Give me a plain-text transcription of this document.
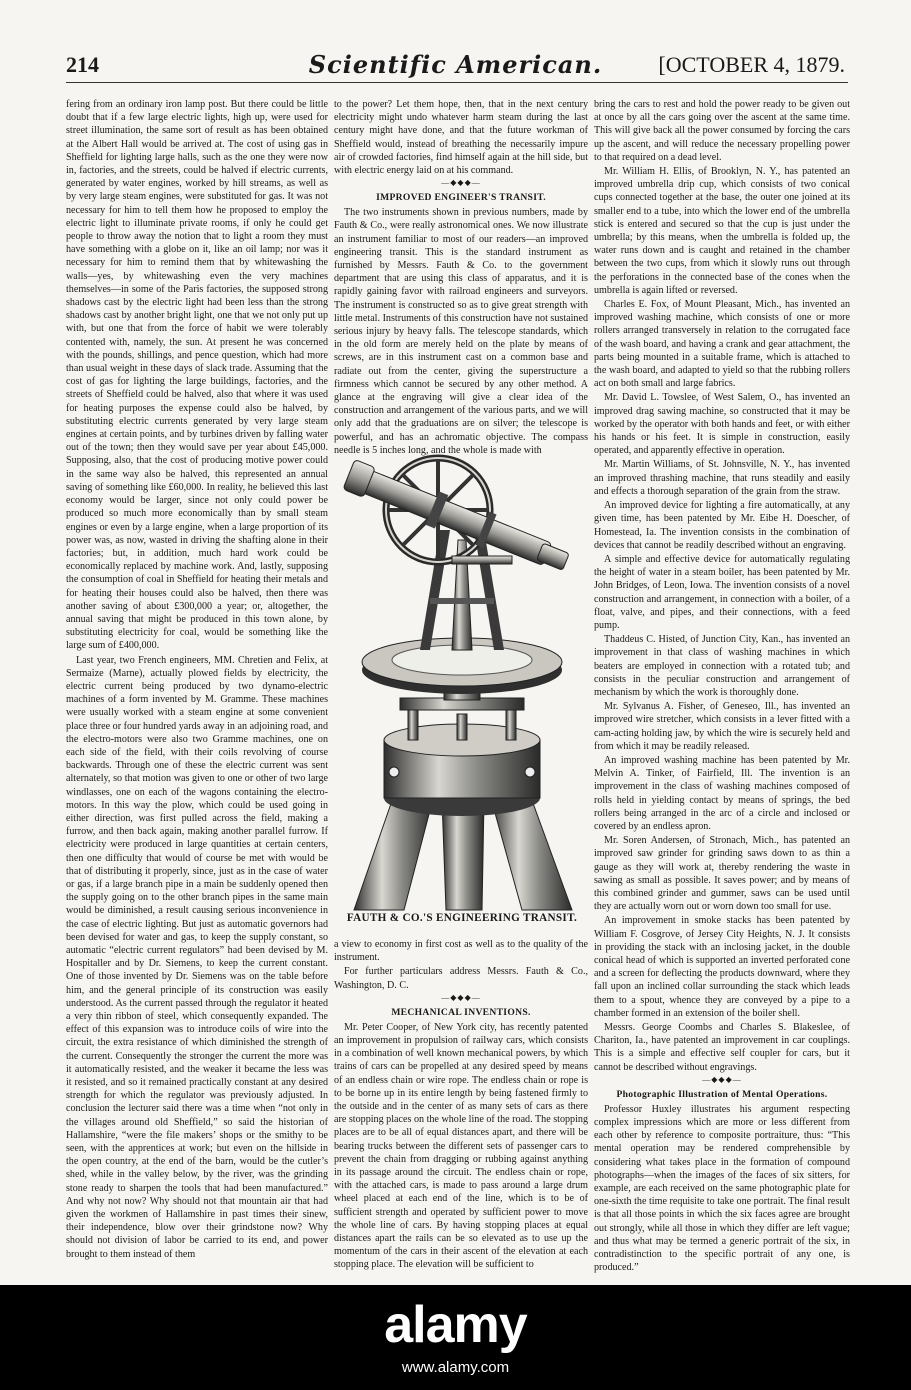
214	Scientific American.	[OCTOBER 4, 1879.

fering from an ordinary iron lamp post. But there could be little doubt that if a few large electric lights, high up, were used for street illumination, the same sort of result as has been obtained at the Albert Hall would be arrived at. The cost of using gas in Sheffield for lighting large halls, such as the one they were now in, factories, and the streets, could be halved if electric currents, generated by water engines, worked by hill streams, as well as by very large steam engines, were substituted for gas. It was not necessary for him to tell them how he proposed to employ the electric light to illuminate private rooms, if only he could get people to throw away the notion that to light a room they must have something with a globe on it, like an oil lamp; nor was it necessary for him to remind them that by whitewashing the walls—yes, by whitewashing even the very machines themselves—in some of the Paris factories, the supposed strong shadows cast by the electric light had been less than the strong shadows cast by another bright light, one that we not only put up with, but one that from the force of habit we were tolerably contented with, namely, the sun. At present he was concerned with the pounds, shillings, and pence question, which had more than usual weight in these days of slack trade. Assuming that the cost of gas for lighting the large buildings, factories, and the streets of Sheffield could be halved, also that where it was used for heating purposes the expense could also be halved, by substituting electric currents generated by very large steam engines at certain points, and by turbines driven by falling water out of the town; then they would save per year about £45,000. Supposing, also, that the cost of producing motive power could in the same way also be halved, this represented an annual saving of something like £60,000. In reality, he believed this last economy would be larger, since not only could power be produced so much more economically than by small steam engines or even by a large engine, when a large proportion of its power was, as now, wasted in driving the shafting alone in their factories; but, in addition, much hard work could be economically replaced by machine work. And, lastly, supposing the consumption of coal in Sheffield for heating their metals and for heating their houses could also be halved, then there was another saving of about £300,000 a year; or, altogether, the annual saving that might be produced in this town alone, by substituting electricity for coal, would be something like the large sum of £400,000.

Last year, two French engineers, MM. Chretien and Felix, at Sermaize (Marne), actually plowed fields by electricity, the electric current being produced by two dynamo-electric machines of a form invented by M. Gramme. These machines were usually worked with a steam engine at some convenient place three or four hundred yards away in an adjoining road, and the electro-motors were also two Gramme machines, one on each side of the field, with their coils revolving of course backwards. Through one of these the electric current was sent alternately, so that motion was given to one or other of two large windlasses, one on each of the wagons containing the electro-motors. In this way the plow, which could be used going in either direction, was first pulled across the field, making a furrow, and then back again, making another parallel furrow. If electricity were produced in large quantities at certain centers, then one difficulty that would of course be met with would be that of distributing it properly, since, just as in the case of water or gas, if a large branch pipe in a main be suddenly opened then the supply going on to the other branch pipes in the same main would be diminished, a result causing serious inconvenience in the case of electric lighting. But just as automatic governors had been devised for water and gas, to keep the supply constant, so automatic “electric current regulators” had been devised by M. Hospitaller and by Dr. Siemens, to keep the current constant. One of those invented by Dr. Siemens was on the table before him, and the general principle of its construction was easily understood. As the current passed through the regulator it heated a very thin ribbon of steel, which consequently expanded. The effect of this expansion was to introduce coils of wire into the circuit, the extra resistance of which diminished the strength of the current. Consequently the stronger the current the more was it automatically resisted, and the weaker it became the less was it resisted, and so it remained practically constant at any desired strength for which the regulator was previously adjusted. In conclusion the lecturer said there was a time when “not only in the villages around old Sheffield,” so said the historian of Hallamshire, “were the file makers’ shops or the smithy to be seen, with the apprentices at work; but even on the hillside in the open country, at the end of the barn, would be the cutler’s shed, while in the valley below, by the river, was the grinding stone ready to sharpen the tools that had been manufactured.” And why not now? Why should not that mountain air that had given the workmen of Hallamshire in past times their sinew, their independence, blow over their grindstone now? Why should not division of labor be carried to its end, and power brought to them instead of them

to the power? Let them hope, then, that in the next century electricity might undo whatever harm steam during the last century might have done, and that the future workman of Sheffield would, instead of breathing the necessarily impure air of crowded factories, find himself again at the hill side, but with electric energy laid on at his command.

—◆◆◆—
IMPROVED ENGINEER'S TRANSIT.

The two instruments shown in previous numbers, made by Fauth & Co., were really astronomical ones. We now illustrate an instrument familiar to most of our readers—an improved engineering transit. This is the standard instrument as furnished by Messrs. Fauth & Co. to the government department that are using this class of apparatus, and it is rapidly gaining favor with railroad engineers and surveyors. The instrument is constructed so as to give great strength with little metal. Instruments of this construction have not sustained serious injury by heavy falls. The telescope standards, which in the old form are merely held on the plate by means of screws, are in this instrument cast on a common base and radiate out from the center, giving the superstructure a firmness which cannot be secured by any other method. A glance at the engraving will give a clear idea of the construction and arrangement of the various parts, and we will only add that the graduations are on silver; the telescope is powerful, and has an achromatic objective. The compass needle is 5 inches long, and the whole is made with

FAUTH & CO.'S ENGINEERING TRANSIT.

a view to economy in first cost as well as to the quality of the instrument.

For further particulars address Messrs. Fauth & Co., Washington, D. C.

—◆◆◆—
MECHANICAL INVENTIONS.

Mr. Peter Cooper, of New York city, has recently patented an improvement in propulsion of railway cars, which consists in a combination of well known mechanical powers, by which trains of cars can be propelled at any desired speed by means of an endless chain or wire rope. The endless chain or rope is to be borne up in its entire length by being fastened firmly to the outside and in the center of as many sets of cars as there are stopping places on the whole line of the road. The stopping places are to be all of equal distances apart, and there will be bearing trucks between the different sets of passenger cars to prevent the chain from dragging or rubbing against anything in its passage around the circuit. The endless chain or rope, with the attached cars, is made to pass around a large drum wheel placed at each end of the line, which is to be of sufficient strength and operated by sufficient power to move the whole line of cars. By having stopping places at equal distances apart the rails can be so elevated as to use up the momentum of the cars in their ascent of the elevation at each stopping place. The elevation will be sufficient to

bring the cars to rest and hold the power ready to be given out at once by all the cars going over the ascent at the same time. This will give back all the power consumed by forcing the cars up the ascent, and will reduce the necessary propelling power to that required on a dead level.

Mr. William H. Ellis, of Brooklyn, N. Y., has patented an improved umbrella drip cup, which consists of two conical cups connected together at the base, the outer one joined at its smaller end to a tube, into which the lower end of the umbrella stick is entered and secured so that the cup is just under the umbrella; by this means, when the umbrella is folded up, the water runs down and is caught and retained in the chamber between the two cups, from which it slowly runs out through the perforations in the connected base of the cones when the umbrella is again lifted or reversed.

Charles E. Fox, of Mount Pleasant, Mich., has invented an improved washing machine, which consists of one or more rollers arranged transversely in relation to the corrugated face of the wash board, and having a crank and gear attachment, the parts being mounted in a suitable frame, which is attached to the wash board, and adapted to yield so that the rubbing rollers act on both small and large fabrics.

Mr. David L. Towslee, of West Salem, O., has invented an improved drag sawing machine, so constructed that it may be worked by the operator with both hands and feet, or with either his hands or his feet. It is simple in construction, easily operated, and apparently effective in operation.

Mr. Martin Williams, of St. Johnsville, N. Y., has invented an improved thrashing machine, that runs steadily and easily and effects a thorough separation of the grain from the straw.

An improved device for lighting a fire automatically, at any given time, has been patented by Mr. Eibe H. Doescher, of Homestead, Ia. The invention consists in the combination of devices that cannot be readily described without an engraving.

A simple and effective device for automatically regulating the height of water in a steam boiler, has been patented by Mr. John Bridges, of Leon, Iowa. The invention consists of a novel construction and arrangement, in connection with a boiler, of a float, valve, and pipes, and their connections, with a feed pump.

Thaddeus C. Histed, of Junction City, Kan., has invented an improvement in that class of washing machines in which beaters are employed in connection with a rotated tub; and consists in the peculiar construction and arrangement of mechanism by which the work is thoroughly done.

Mr. Sylvanus A. Fisher, of Geneseo, Ill., has invented an improved wire stretcher, which consists in a lever fitted with a cam-acting holding jaw, by which the wire is securely held and from which it may be readily released.

An improved washing machine has been patented by Mr. Melvin A. Tinker, of Fairfield, Ill. The invention is an improvement in the class of washing machines composed of rolls held in yielding contact by means of springs, the bed rollers being arranged in the arc of a circle and inclosed or covered by an endless apron.

Mr. Soren Andersen, of Stronach, Mich., has patented an improved saw grinder for grinding saws down to as thin a gauge as they will work at, thereby rendering the waste in sawing as small as possible. It saves power; and by means of this combined grinder and gummer, saws can be used until they are actually worn out or worn down too small for use.

An improvement in smoke stacks has been patented by William F. Cosgrove, of Jersey City Heights, N. J. It consists in providing the stack with an inclosing jacket, in the double conical head of which is supported an inverted perforated cone and a screen for deflecting the products downward, where they fall upon an inclined collar surrounding the stack which leads them to a spout, whence they are conveyed by a pipe to a chamber formed in an extension of the boiler shell.

Messrs. George Coombs and Charles S. Blakeslee, of Chariton, Ia., have patented an improvement in car couplings. This is a simple and effective self coupler for cars, but it cannot be described without engravings.

—◆◆◆—
Photographic Illustration of Mental Operations.

Professor Huxley illustrates his argument respecting complex impressions which are more or less different from each other by reference to composite portraiture, thus: “This mental operation may be rendered comprehensible by considering what takes place in the formation of compound photographs—when the images of the faces of six sitters, for example, are each received on the same photographic plate for one-sixth the time requisite to take one portrait. The final result is that all those points in which the six faces agree are brought out strongly, while all those in which they differ are left vague; and thus what may be termed a generic portrait of the six, in contradistinction to the specific portrait of any one, is produced.”

alamy
www.alamy.com
